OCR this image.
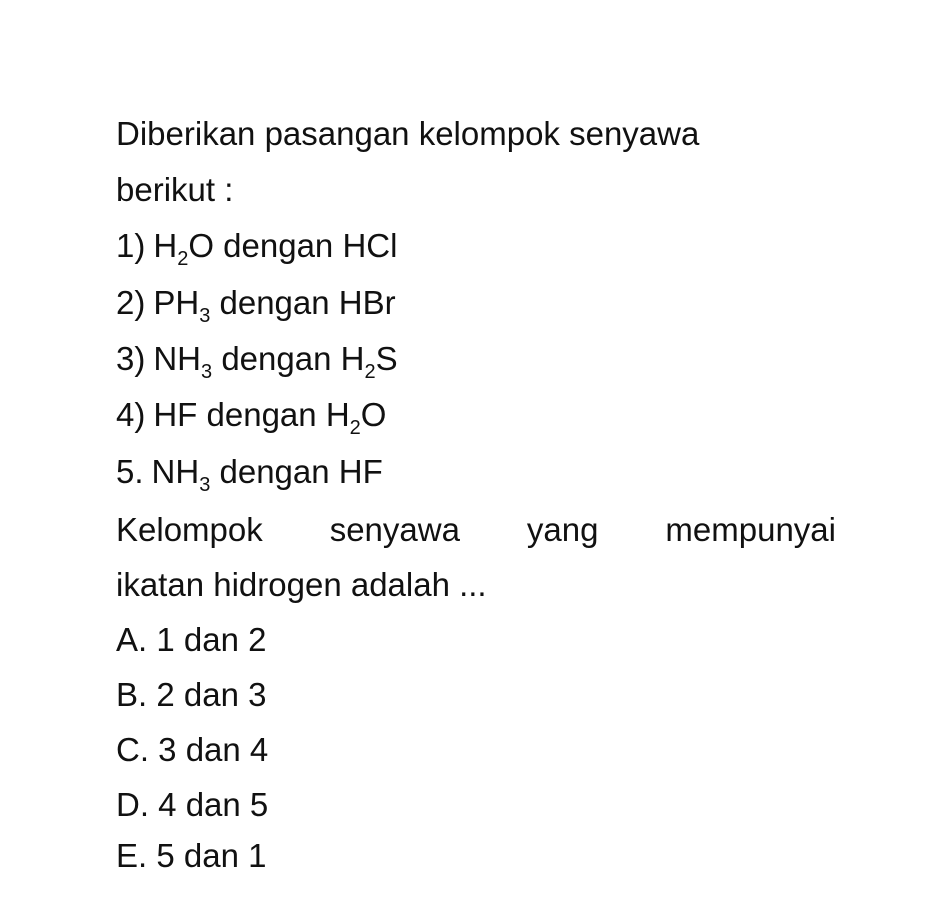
Diberikan pasangan kelompok senyawa

berikut :

1) $H_2O$ dengan HCl

2) $PH_3$ dengan HBr

3) $NH_3$ dengan $H_2S$

4) HF dengan $H_2O$

5. $NH_3$ dengan HF

Kelompok senyawa yang mempunyai

ikatan hidrogen adalah ...

A. 1 dan 2

B. 2 dan 3

C. 3 dan 4

D. 4 dan 5

E. 5 dan 1
